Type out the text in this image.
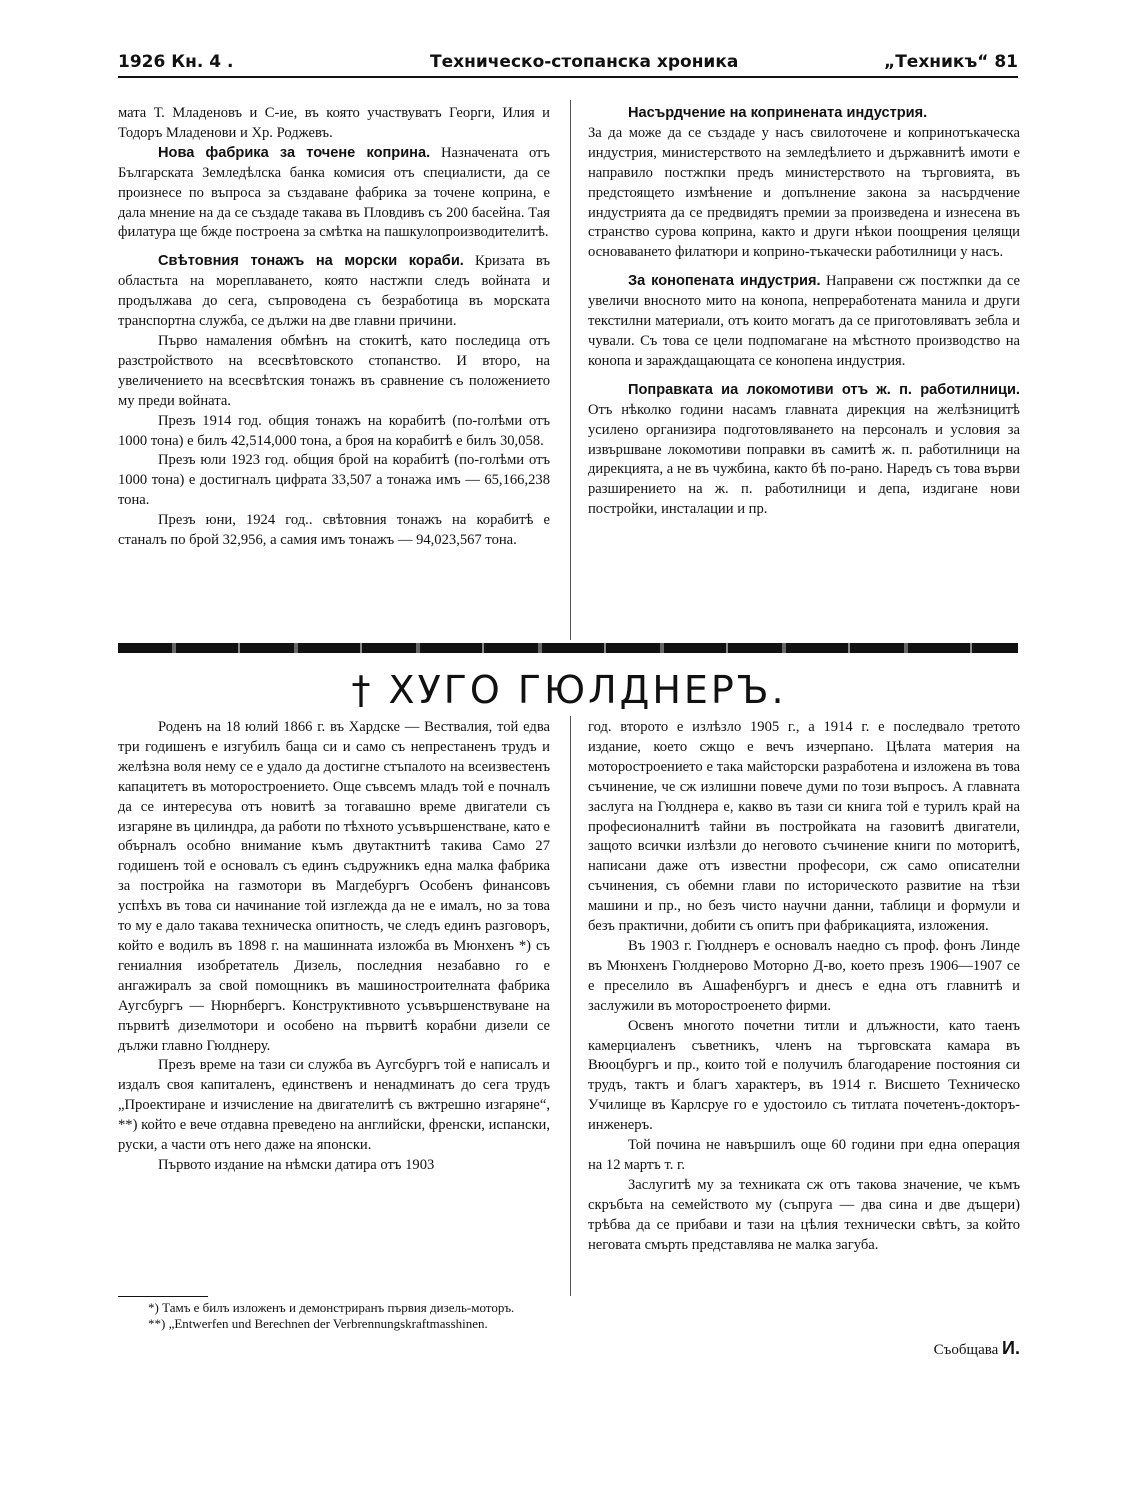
1926 Кн. 4 .	Техническо-стопанска хроника	„Техникъ“ 81

мата Т. Младеновъ и С-ие, въ която участвуватъ Георги, Илия и Тодоръ Младенови и Хр. Роджевъ.

Нова фабрика за точене коприна. Назначената отъ Българската Земледѣлска банка комисия отъ специалисти, да се произнесе по въпроса за създаване фабрика за точене коприна, е дала мнение на да се създаде такава въ Пловдивъ съ 200 басейна. Тая филатура ще бжде построена за смѣтка на пашкулопроизводителитѣ.

Свѣтовния тонажъ на морски кораби. Кризата въ областьта на мореплаването, която настжпи следъ войната и продължава до сега, съпроводена съ безработица въ морската транспортна служба, се дължи на две главни причини.

Първо намаления обмѣнъ на стокитѣ, като последица отъ разстройството на всесвѣтовското стопанство. И второ, на увеличението на всесвѣтския тонажъ въ сравнение съ положението му преди войната.

Презъ 1914 год. общия тонажъ на корабитѣ (по-голѣми отъ 1000 тона) е билъ 42,514,000 тона, а броя на корабитѣ е билъ 30,058.

Презъ юли 1923 год. общия брой на корабитѣ (по-голѣми отъ 1000 тона) е достигналъ цифрата 33,507 а тонажа имъ — 65,166,238 тона.

Презъ юни, 1924 год.. свѣтовния тонажъ на корабитѣ е станалъ по брой 32,956, а самия имъ тонажъ — 94,023,567 тона.

Насърдчение на копринената индустрия.

За да може да се създаде у насъ свилоточене и копринотъкаческа индустрия, министерството на земледѣлието и държавнитѣ имоти е направило постжпки предъ министерството на търговията, въ предстоящето измѣнение и допълнение закона за насърдчение индустрията да се предвидятъ премии за произведена и изнесена въ странство сурова коприна, както и други нѣкои поощрения целящи основаването филатюри и коприно-тъкачески работилници у насъ.

За конопената индустрия. Направени сж постжпки да се увеличи вносното мито на конопа, непреработената манила и други текстилни материали, отъ които могатъ да се приготовляватъ зебла и чували. Съ това се цели подпомагане на мѣстното производство на конопа и зараждащающата се конопена индустрия.

Поправката иа локомотиви отъ ж. п. работилници. Отъ нѣколко години насамъ главната дирекция на желѣзницитѣ усилено организира подготовляването на персоналъ и условия за извършване локомотиви поправки въ самитѣ ж. п. работилници на дирекцията, а не въ чужбина, както бѣ по-рано. Нарeдъ съ това върви разширението на ж. п. работилници и депа, издигане нови постройки, инсталации и пр.

† ХУГО ГЮЛДНЕРЪ.

Роденъ на 18 юлий 1866 г. въ Хардске — Вествалия, той едва три годишенъ е изгубилъ баща си и само съ непрестаненъ трудъ и желѣзна воля нему се е удало да достигне стъпалото на всеизвестенъ капацитетъ въ моторостроението. Още съвсемъ младъ той е почналъ да се интересува отъ новитѣ за тогавашно време двигатели съ изгаряне въ цилиндра, да работи по тѣхното усъвършенстване, като е обърналъ особно внимание къмъ двутактнитѣ такива Само 27 годишенъ той е основалъ съ единъ съдружникъ една малка фабрика за постройка на газмотори въ Магдебургъ Особенъ финансовъ успѣхъ въ това си начинание той изглежда да не е ималъ, но за това то му е дало такава техническа опитность, че следъ единъ разговоръ, който е водилъ въ 1898 г. на машинната изложба въ Мюнхенъ *) съ гениалния изобретатель Дизель, последния незабавно го е ангажиралъ за свой помощникъ въ машиностроителната фабрика Аугсбургъ — Нюрнбергъ. Конструктивното усъвършенствуване на първитѣ дизелмотори и особено на първитѣ корабни дизели се дължи главно Гюлднеру.

Презъ време на тази си служба въ Аугсбургъ той е написалъ и издалъ своя капиталенъ, единственъ и ненадминатъ до сега трудъ „Проектиране и изчисление на двигателитѣ съ вжтрешно изгаряне“, **) който е вече отдавна преведено на английски, френски, испански, руски, а части отъ него даже на японски.

Първото издание на нѣмски датира отъ 1903

год. второто е излѣзло 1905 г., а 1914 г. е последвало третото издание, което сжщо е вечъ изчерпано. Цѣлата материя на моторостроението е така майсторски разработена и изложена въ това съчинение, че сж излишни повече думи по този въпросъ. А главната заслуга на Гюлднера е, какво въ тази си книга той е турилъ край на професионалнитѣ тайни въ постройката на газовитѣ двигатели, защото всички излѣзли до неговото съчинение книги по моторитѣ, написани даже отъ известни професори, сж само описателни съчинения, съ обемни глави по историческото развитие на тѣзи машини и пр., но безъ чисто научни данни, таблици и формули и безъ практични, добити съ опитъ при фабрикацията, изложения.

Въ 1903 г. Гюлднеръ е основалъ наедно съ проф. фонъ Линде въ Мюнхенъ Гюлднерово Моторно Д-во, което презъ 1906—1907 се е преселило въ Ашафенбургъ и днесъ е една отъ главнитѣ и заслужили въ моторостроенето фирми.

Освенъ многото почетни титли и длъжности, като таенъ камерциаленъ съветникъ, членъ на търговската камара въ Вюоцбургъ и пр., които той е получилъ благодарение постояния си трудъ, тактъ и благъ характеръ, въ 1914 г. Висшето Техническо Училище въ Карлсруе го е удостоило съ титлата почетенъ-докторъ-инженеръ.

Той почина не навършилъ още 60 години при една операция на 12 мартъ т. г.

Заслугитѣ му за техниката сж отъ такова значение, че къмъ скръбьта на семейството му (съпруга — два сина и две дъщери) трѣбва да се прибави и тази на цѣлия технически свѣтъ, за който неговата смърть представлява не малка загуба.

*) Тамъ е билъ изложенъ и демонстриранъ първия дизель-моторъ.

**) „Entwerfen und Berechnen der Verbrennungskraftmasshinen.

Съобщава И.
